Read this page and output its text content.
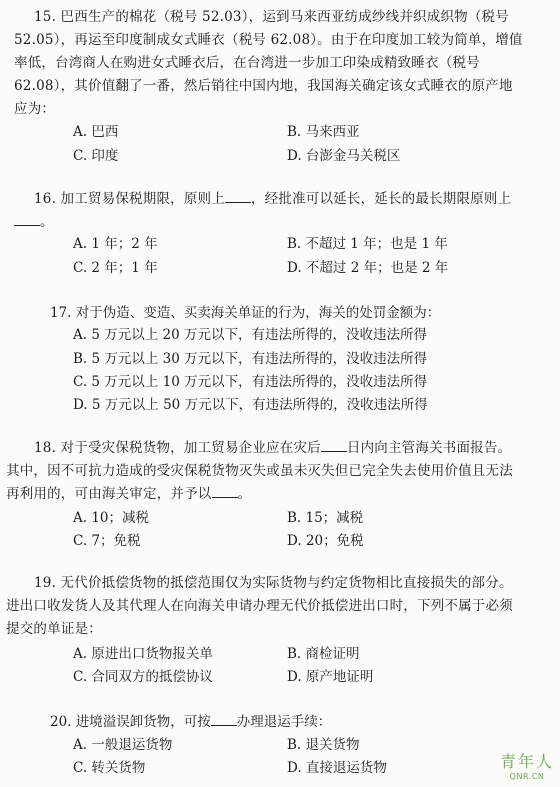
15. 巴西生产的棉花（税号 52.03），运到马来西亚纺成纱线并织成织物（税号
52.05），再运至印度制成女式睡衣（税号 62.08）。由于在印度加工较为简单，增值
率低，台湾商人在购进女式睡衣后，在台湾进一步加工印染成精致睡衣（税号
62.08），其价值翻了一番，然后销往中国内地，我国海关确定该女式睡衣的原产地
应为：
A. 巴西	B. 马来西亚
C. 印度	D. 台澎金马关税区
16. 加工贸易保税期限，原则上 ，经批准可以延长，延长的最长期限原则上
。
A. 1 年；2 年	B. 不超过 1 年；也是 1 年
C. 2 年；1 年	D. 不超过 2 年；也是 2 年
17. 对于伪造、变造、买卖海关单证的行为，海关的处罚金额为：
A. 5 万元以上 20 万元以下，有违法所得的，没收违法所得
B. 5 万元以上 30 万元以下，有违法所得的，没收违法所得
C. 5 万元以上 10 万元以下，有违法所得的，没收违法所得
D. 5 万元以上 50 万元以下，有违法所得的，没收违法所得
18. 对于受灾保税货物，加工贸易企业应在灾后 日内向主管海关书面报告。
其中，因不可抗力造成的受灾保税货物灭失或虽未灭失但已完全失去使用价值且无法
再利用的，可由海关审定，并予以 。
A. 10；减税	B. 15；减税
C. 7；免税	D. 20；免税
19. 无代价抵偿货物的抵偿范围仅为实际货物与约定货物相比直接损失的部分。
进出口收发货人及其代理人在向海关申请办理无代价抵偿进出口时，下列不属于必须
提交的单证是：
A. 原进出口货物报关单	B. 商检证明
C. 合同双方的抵偿协议	D. 原产地证明
20. 进境溢误卸货物，可按 办理退运手续：
A. 一般退运货物	B. 退关货物
C. 转关货物	D. 直接退运货物	青年人
QNR.CN
